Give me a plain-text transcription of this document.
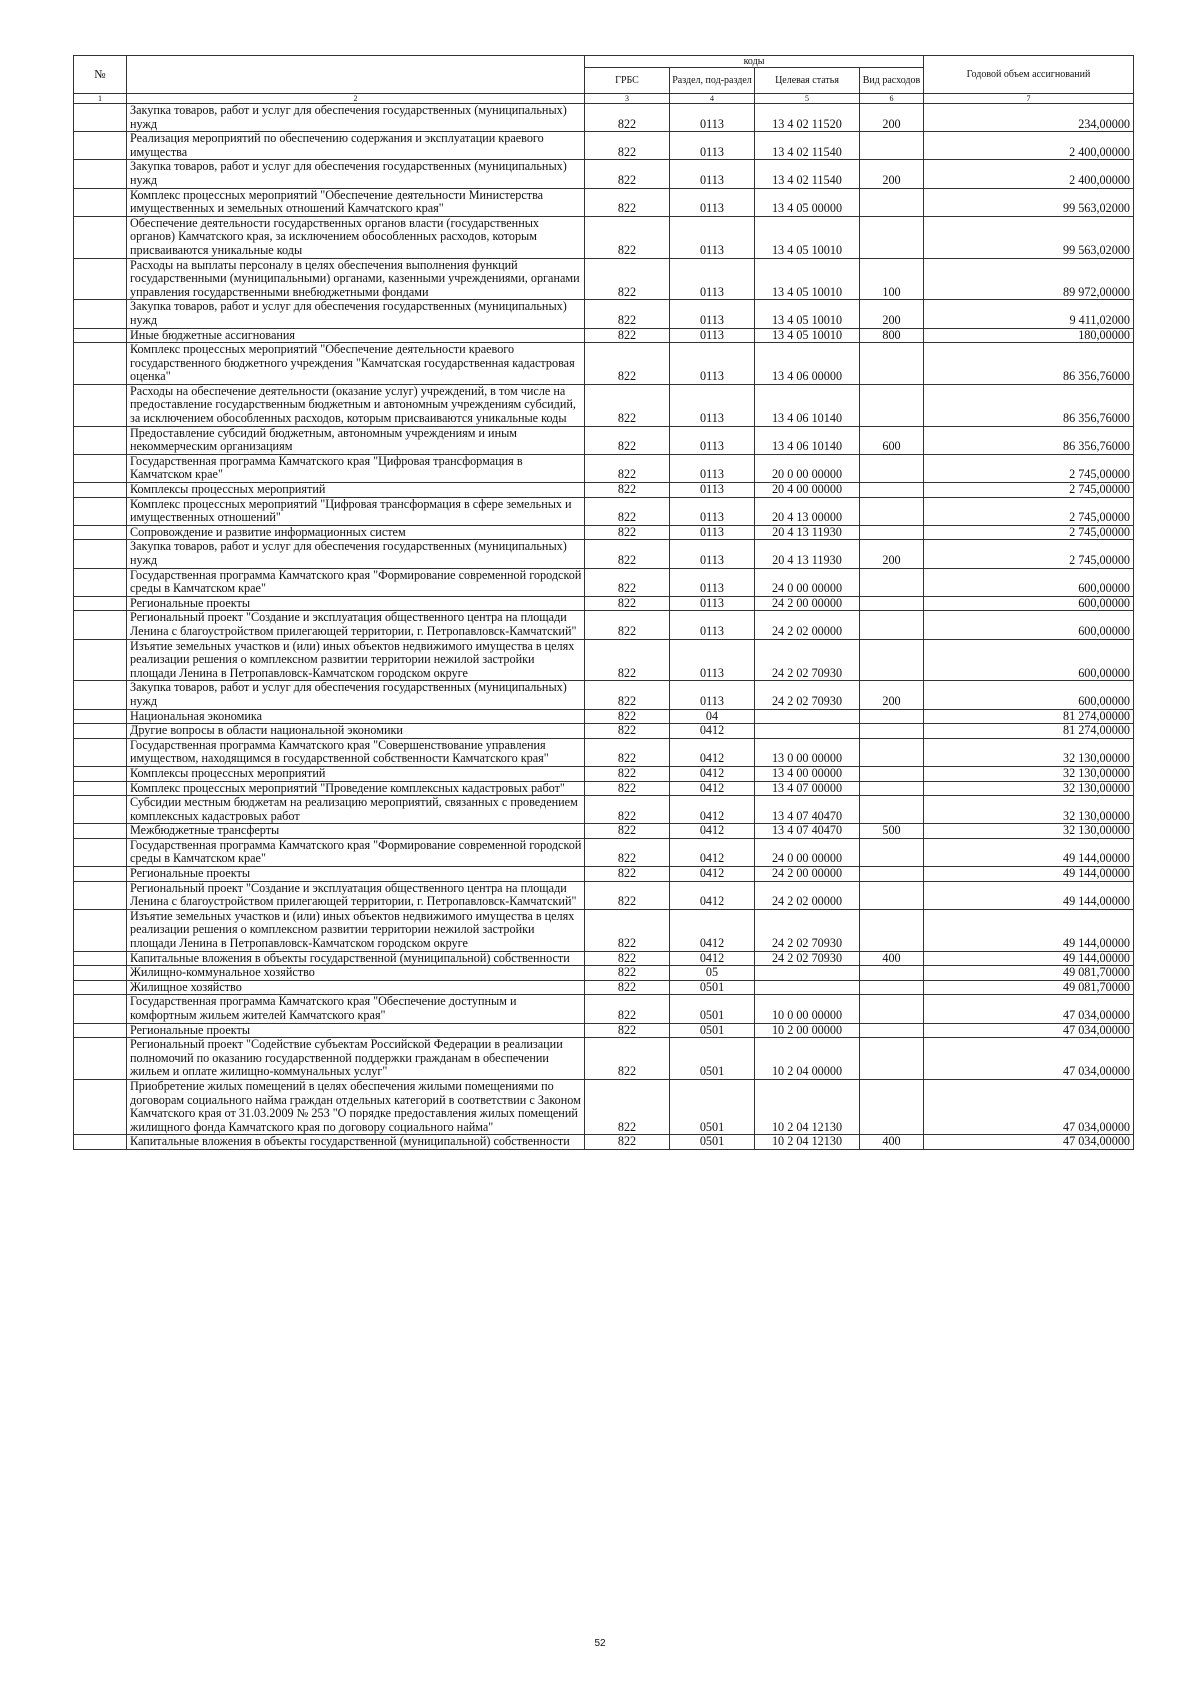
№		коды				Годовой объем ассигнований
		ГРБС	Раздел, под-раздел	Целевая статья	Вид расходов	
1	2	3	4	5	6	7
	Закупка товаров, работ и услуг для обеспечения государственных (муниципальных) нужд	822	0113	13 4 02 11520	200	234,00000
	Реализация мероприятий по обеспечению содержания и эксплуатации краевого имущества	822	0113	13 4 02 11540		2 400,00000
	Закупка товаров, работ и услуг для обеспечения государственных (муниципальных) нужд	822	0113	13 4 02 11540	200	2 400,00000
	Комплекс процессных мероприятий "Обеспечение деятельности Министерства имущественных и земельных отношений Камчатского края"	822	0113	13 4 05 00000		99 563,02000
	Обеспечение деятельности государственных органов власти (государственных органов) Камчатского края, за исключением обособленных расходов, которым присваиваются уникальные коды	822	0113	13 4 05 10010		99 563,02000
	Расходы на выплаты персоналу в целях обеспечения выполнения функций государственными (муниципальными) органами, казенными учреждениями, органами управления государственными внебюджетными фондами	822	0113	13 4 05 10010	100	89 972,00000
	Закупка товаров, работ и услуг для обеспечения государственных (муниципальных) нужд	822	0113	13 4 05 10010	200	9 411,02000
	Иные бюджетные ассигнования	822	0113	13 4 05 10010	800	180,00000
	Комплекс процессных мероприятий "Обеспечение деятельности краевого государственного бюджетного учреждения "Камчатская государственная кадастровая оценка"	822	0113	13 4 06 00000		86 356,76000
	Расходы на обеспечение деятельности (оказание услуг) учреждений, в том числе на предоставление государственным бюджетным и автономным учреждениям субсидий, за исключением обособленных расходов, которым присваиваются уникальные коды	822	0113	13 4 06 10140		86 356,76000
	Предоставление субсидий бюджетным, автономным учреждениям и иным некоммерческим организациям	822	0113	13 4 06 10140	600	86 356,76000
	Государственная программа Камчатского края "Цифровая трансформация в Камчатском крае"	822	0113	20 0 00 00000		2 745,00000
	Комплексы процессных мероприятий	822	0113	20 4 00 00000		2 745,00000
	Комплекс процессных мероприятий "Цифровая трансформация в сфере земельных и имущественных отношений"	822	0113	20 4 13 00000		2 745,00000
	Сопровождение и развитие информационных систем	822	0113	20 4 13 11930		2 745,00000
	Закупка товаров, работ и услуг для обеспечения государственных (муниципальных) нужд	822	0113	20 4 13 11930	200	2 745,00000
	Государственная программа Камчатского края "Формирование современной городской среды в Камчатском крае"	822	0113	24 0 00 00000		600,00000
	Региональные проекты	822	0113	24 2 00 00000		600,00000
	Региональный проект "Создание и эксплуатация общественного центра на площади Ленина с благоустройством прилегающей территории, г. Петропавловск-Камчатский"	822	0113	24 2 02 00000		600,00000
	Изъятие земельных участков и (или) иных объектов недвижимого имущества в целях реализации решения о комплексном развитии территории нежилой застройки площади Ленина в Петропавловск-Камчатском городском округе	822	0113	24 2 02 70930		600,00000
	Закупка товаров, работ и услуг для обеспечения государственных (муниципальных) нужд	822	0113	24 2 02 70930	200	600,00000
	Национальная экономика	822	04			81 274,00000
	Другие вопросы в области национальной экономики	822	0412			81 274,00000
	Государственная программа Камчатского края "Совершенствование управления имуществом, находящимся в государственной собственности Камчатского края"	822	0412	13 0 00 00000		32 130,00000
	Комплексы процессных мероприятий	822	0412	13 4 00 00000		32 130,00000
	Комплекс процессных мероприятий "Проведение комплексных кадастровых работ"	822	0412	13 4 07 00000		32 130,00000
	Субсидии местным бюджетам на реализацию мероприятий, связанных с проведением комплексных кадастровых работ	822	0412	13 4 07 40470		32 130,00000
	Межбюджетные трансферты	822	0412	13 4 07 40470	500	32 130,00000
	Государственная программа Камчатского края "Формирование современной городской среды в Камчатском крае"	822	0412	24 0 00 00000		49 144,00000
	Региональные проекты	822	0412	24 2 00 00000		49 144,00000
	Региональный проект "Создание и эксплуатация общественного центра на площади Ленина с благоустройством прилегающей территории, г. Петропавловск-Камчатский"	822	0412	24 2 02 00000		49 144,00000
	Изъятие земельных участков и (или) иных объектов недвижимого имущества в целях реализации решения о комплексном развитии территории нежилой застройки площади Ленина в Петропавловск-Камчатском городском округе	822	0412	24 2 02 70930		49 144,00000
	Капитальные вложения в объекты государственной (муниципальной) собственности	822	0412	24 2 02 70930	400	49 144,00000
	Жилищно-коммунальное хозяйство	822	05			49 081,70000
	Жилищное хозяйство	822	0501			49 081,70000
	Государственная программа Камчатского края "Обеспечение доступным и комфортным жильем жителей Камчатского края"	822	0501	10 0 00 00000		47 034,00000
	Региональные проекты	822	0501	10 2 00 00000		47 034,00000
	Региональный проект "Содействие субъектам Российской Федерации в реализации полномочий по оказанию государственной поддержки гражданам в обеспечении жильем и оплате жилищно-коммунальных услуг"	822	0501	10 2 04 00000		47 034,00000
	Приобретение жилых помещений в целях обеспечения жилыми помещениями по договорам социального найма граждан отдельных категорий в соответствии с Законом Камчатского края от 31.03.2009 № 253 "О порядке предоставления жилых помещений жилищного фонда Камчатского края по договору социального найма"	822	0501	10 2 04 12130		47 034,00000
	Капитальные вложения в объекты государственной (муниципальной) собственности	822	0501	10 2 04 12130	400	47 034,00000
52
